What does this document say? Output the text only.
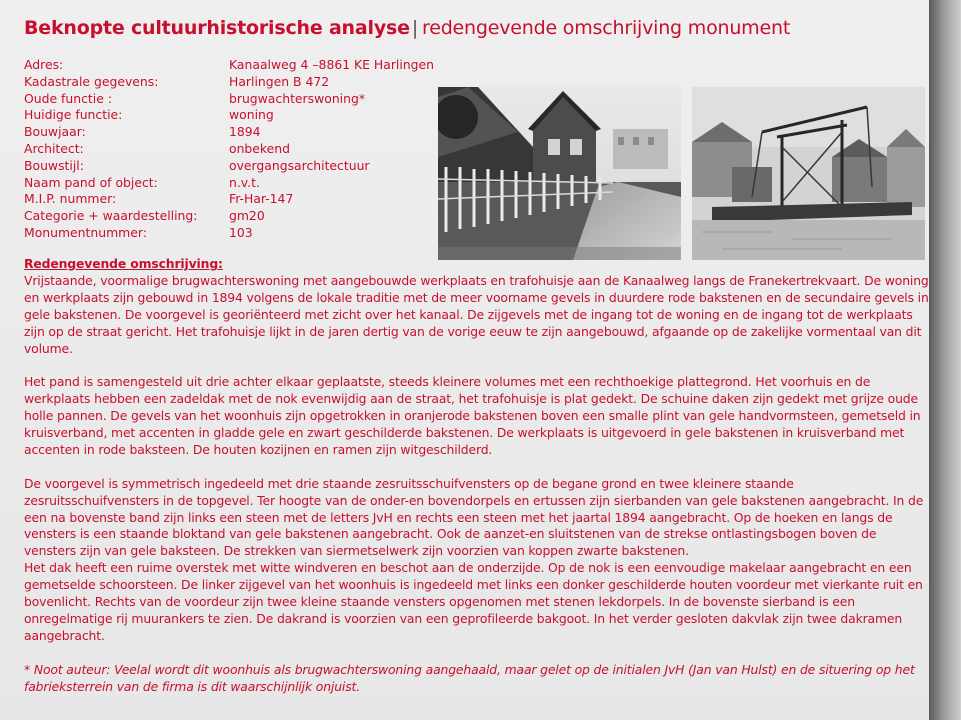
Beknopte cultuurhistorische analyse | redengevende omschrijving monument
Adres:	Kanaalweg 4 –8861 KE Harlingen
Kadastrale gegevens:	Harlingen B 472
Oude functie :	brugwachterswoning*
Huidige functie:	woning
Bouwjaar:	1894
Architect:	onbekend
Bouwstijl:	overgangsarchitectuur
Naam pand of object:	n.v.t.
M.I.P. nummer:	Fr-Har-147
Categorie + waardestelling:	gm20
Monumentnummer:	103

Redengevende omschrijving:

Vrijstaande, voormalige brugwachterswoning met aangebouwde werkplaats en trafohuisje aan de Kanaalweg langs de Franekertrekvaart. De woning en werkplaats zijn gebouwd in 1894 volgens de lokale traditie met de meer voorname gevels in duurdere rode bakstenen en de secundaire gevels in gele bakstenen. De voorgevel is georiënteerd met zicht over het kanaal. De zijgevels met de ingang tot de woning en de ingang tot de werkplaats zijn op de straat gericht. Het trafohuisje lijkt in de jaren dertig van de vorige eeuw te zijn aangebouwd, afgaande op de zakelijke vormentaal van dit volume.

Het pand is samengesteld uit drie achter elkaar geplaatste, steeds kleinere volumes met een rechthoekige plattegrond. Het voorhuis en de werkplaats hebben een zadeldak met de nok evenwijdig aan de straat, het trafohuisje is plat gedekt. De schuine daken zijn gedekt met grijze oude holle pannen. De gevels van het woonhuis zijn opgetrokken in oranjerode bakstenen boven een smalle plint van gele handvormsteen, gemetseld in kruisverband, met accenten in gladde gele en zwart geschilderde bakstenen. De werkplaats is uitgevoerd in gele bakstenen in kruisverband met accenten in rode baksteen. De houten kozijnen en ramen zijn witgeschilderd.

De voorgevel is symmetrisch ingedeeld met drie staande zesruitsschuifvensters op de begane grond en twee kleinere staande zesruitsschuifvensters in de topgevel. Ter hoogte van de onder-en bovendorpels en ertussen zijn sierbanden van gele bakstenen aangebracht. In de een na bovenste band zijn links een steen met de letters JvH en rechts een steen met het jaartal 1894 aangebracht. Op de hoeken en langs de vensters is een staande bloktand van gele bakstenen aangebracht. Ook de aanzet-en sluitstenen van de strekse ontlastingsbogen boven de vensters zijn van gele baksteen. De strekken van siermetselwerk zijn voorzien van koppen zwarte bakstenen.

Het dak heeft een ruime overstek met witte windveren en beschot aan de onderzijde. Op de nok is een eenvoudige makelaar aangebracht en een gemetselde schoorsteen. De linker zijgevel van het woonhuis is ingedeeld met links een donker geschilderde houten voordeur met vierkante ruit en bovenlicht. Rechts van de voordeur zijn twee kleine staande vensters opgenomen met stenen lekdorpels. In de bovenste sierband is een onregelmatige rij muurankers te zien. De dakrand is voorzien van een geprofileerde bakgoot. In het verder gesloten dakvlak zijn twee dakramen aangebracht.

* Noot auteur: Veelal wordt dit woonhuis als brugwachterswoning aangehaald, maar gelet op de initialen JvH (Jan van Hulst) en de situering op het fabrieksterrein van de firma is dit waarschijnlijk onjuist.
